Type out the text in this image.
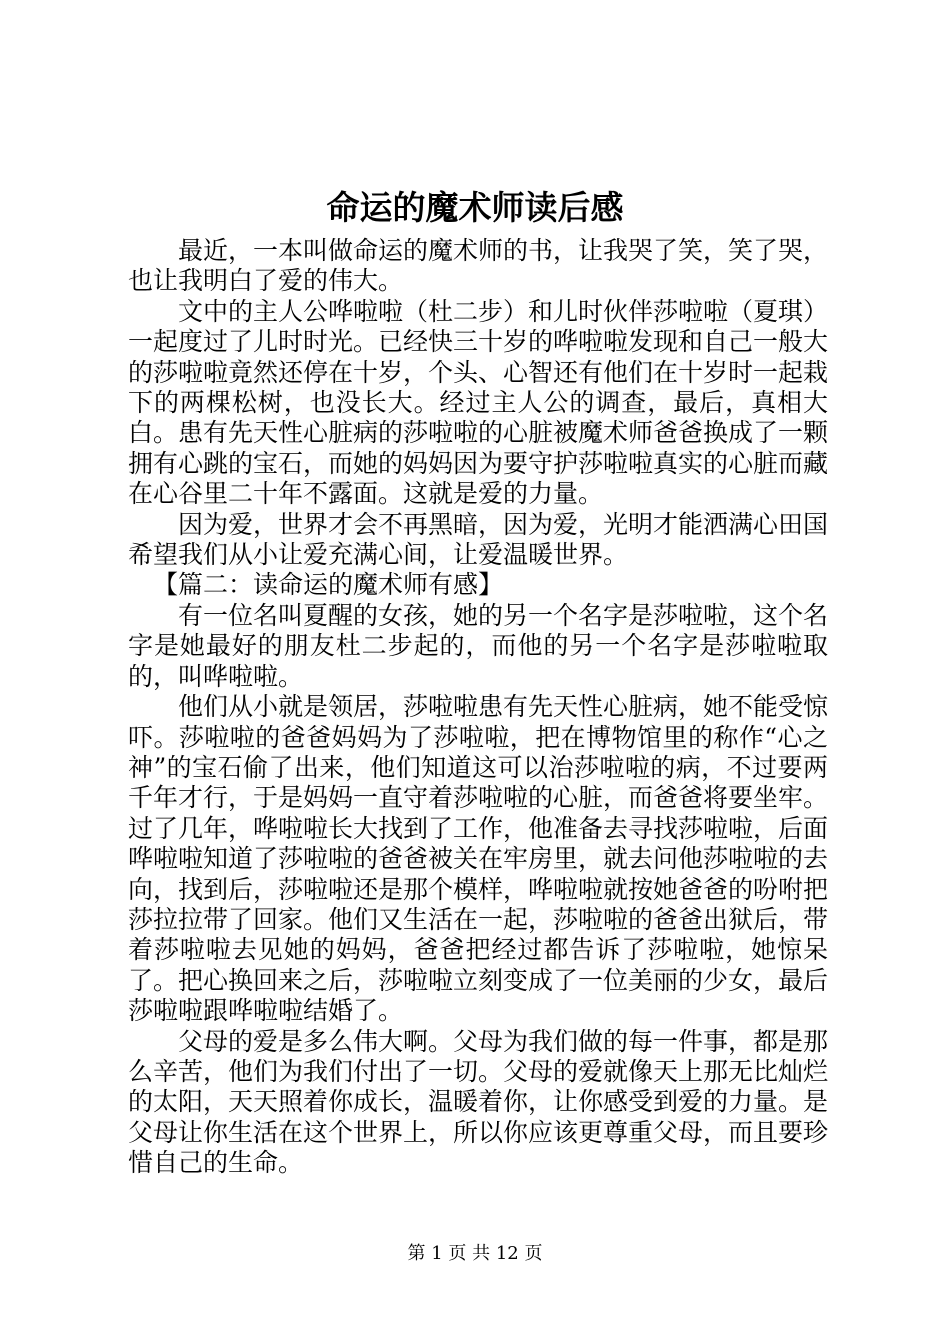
命运的魔术师读后感

最近，一本叫做命运的魔术师的书，让我哭了笑，笑了哭，也让我明白了爱的伟大。

文中的主人公哗啦啦（杜二步）和儿时伙伴莎啦啦（夏琪）一起度过了儿时时光。已经快三十岁的哗啦啦发现和自己一般大的莎啦啦竟然还停在十岁，个头、心智还有他们在十岁时一起栽下的两棵松树，也没长大。经过主人公的调查，最后，真相大白。患有先天性心脏病的莎啦啦的心脏被魔术师爸爸换成了一颗拥有心跳的宝石，而她的妈妈因为要守护莎啦啦真实的心脏而藏在心谷里二十年不露面。这就是爱的力量。

因为爱，世界才会不再黑暗，因为爱，光明才能洒满心田国希望我们从小让爱充满心间，让爱温暖世界。

【篇二：读命运的魔术师有感】

有一位名叫夏醒的女孩，她的另一个名字是莎啦啦，这个名字是她最好的朋友杜二步起的，而他的另一个名字是莎啦啦取的，叫哗啦啦。

他们从小就是领居，莎啦啦患有先天性心脏病，她不能受惊吓。莎啦啦的爸爸妈妈为了莎啦啦，把在博物馆里的称作“心之神”的宝石偷了出来，他们知道这可以治莎啦啦的病，不过要两千年才行，于是妈妈一直守着莎啦啦的心脏，而爸爸将要坐牢。过了几年，哗啦啦长大找到了工作，他准备去寻找莎啦啦，后面哗啦啦知道了莎啦啦的爸爸被关在牢房里，就去问他莎啦啦的去向，找到后，莎啦啦还是那个模样，哗啦啦就按她爸爸的吩咐把莎拉拉带了回家。他们又生活在一起，莎啦啦的爸爸出狱后，带着莎啦啦去见她的妈妈，爸爸把经过都告诉了莎啦啦，她惊呆了。把心换回来之后，莎啦啦立刻变成了一位美丽的少女，最后莎啦啦跟哗啦啦结婚了。

父母的爱是多么伟大啊。父母为我们做的每一件事，都是那么辛苦，他们为我们付出了一切。父母的爱就像天上那无比灿烂的太阳，天天照着你成长，温暖着你，让你感受到爱的力量。是父母让你生活在这个世界上，所以你应该更尊重父母，而且要珍惜自己的生命。

第 1 页 共 12 页
